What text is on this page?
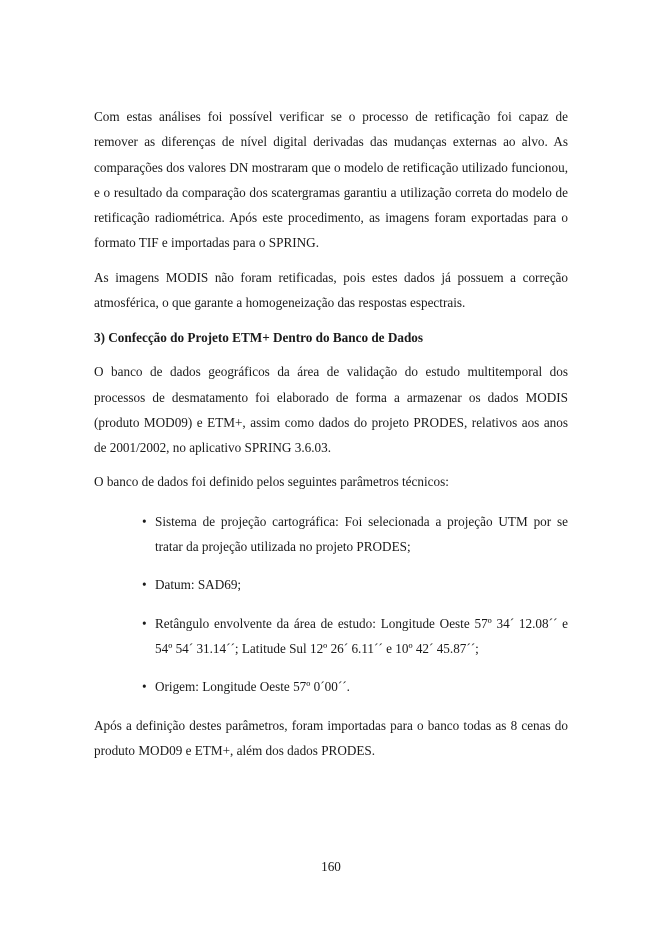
Com estas análises foi possível verificar se o processo de retificação foi capaz de remover as diferenças de nível digital derivadas das mudanças externas ao alvo. As comparações dos valores DN mostraram que o modelo de retificação utilizado funcionou, e o resultado da comparação dos scatergramas garantiu a utilização correta do modelo de retificação radiométrica. Após este procedimento, as imagens foram exportadas para o formato TIF e importadas para o SPRING.

As imagens MODIS não foram retificadas, pois estes dados já possuem a correção atmosférica, o que garante a homogeneização das respostas espectrais.

3) Confecção do Projeto ETM+ Dentro do Banco de Dados

O banco de dados geográficos da área de validação do estudo multitemporal dos processos de desmatamento foi elaborado de forma a armazenar os dados MODIS (produto MOD09) e ETM+, assim como dados do projeto PRODES, relativos aos anos de 2001/2002, no aplicativo SPRING 3.6.03.

O banco de dados foi definido pelos seguintes parâmetros técnicos:

• Sistema de projeção cartográfica: Foi selecionada a projeção UTM por se tratar da projeção utilizada no projeto PRODES;
• Datum: SAD69;
• Retângulo envolvente da área de estudo: Longitude Oeste 57º 34´ 12.08´´ e 54º 54´ 31.14´´; Latitude Sul 12º 26´ 6.11´´ e 10º 42´ 45.87´´;
• Origem: Longitude Oeste 57º 0´00´´.

Após a definição destes parâmetros, foram importadas para o banco todas as 8 cenas do produto MOD09 e ETM+, além dos dados PRODES.

160
